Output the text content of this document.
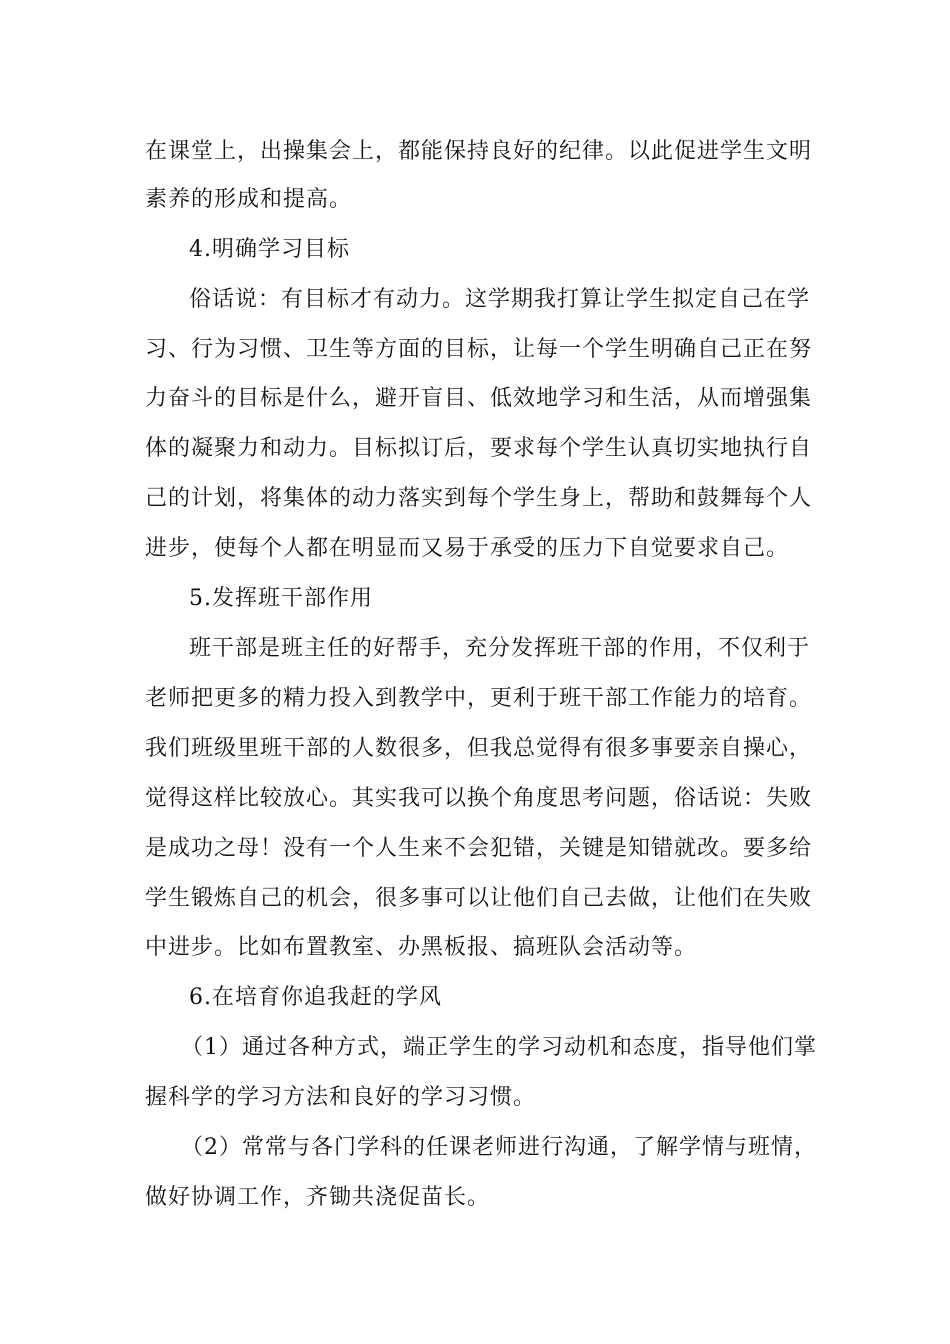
在课堂上，出操集会上，都能保持良好的纪律。以此促进学生文明
素养的形成和提高。
4.明确学习目标
俗话说：有目标才有动力。这学期我打算让学生拟定自己在学
习、行为习惯、卫生等方面的目标，让每一个学生明确自己正在努
力奋斗的目标是什么，避开盲目、低效地学习和生活，从而增强集
体的凝聚力和动力。目标拟订后，要求每个学生认真切实地执行自
己的计划，将集体的动力落实到每个学生身上，帮助和鼓舞每个人
进步，使每个人都在明显而又易于承受的压力下自觉要求自己。
5.发挥班干部作用
班干部是班主任的好帮手，充分发挥班干部的作用，不仅利于
老师把更多的精力投入到教学中，更利于班干部工作能力的培育。
我们班级里班干部的人数很多，但我总觉得有很多事要亲自操心，
觉得这样比较放心。其实我可以换个角度思考问题，俗话说：失败
是成功之母！没有一个人生来不会犯错，关键是知错就改。要多给
学生锻炼自己的机会，很多事可以让他们自己去做，让他们在失败
中进步。比如布置教室、办黑板报、搞班队会活动等。
6.在培育你追我赶的学风
（1）通过各种方式，端正学生的学习动机和态度，指导他们掌
握科学的学习方法和良好的学习习惯。
（2）常常与各门学科的任课老师进行沟通，了解学情与班情，
做好协调工作，齐锄共浇促苗长。
